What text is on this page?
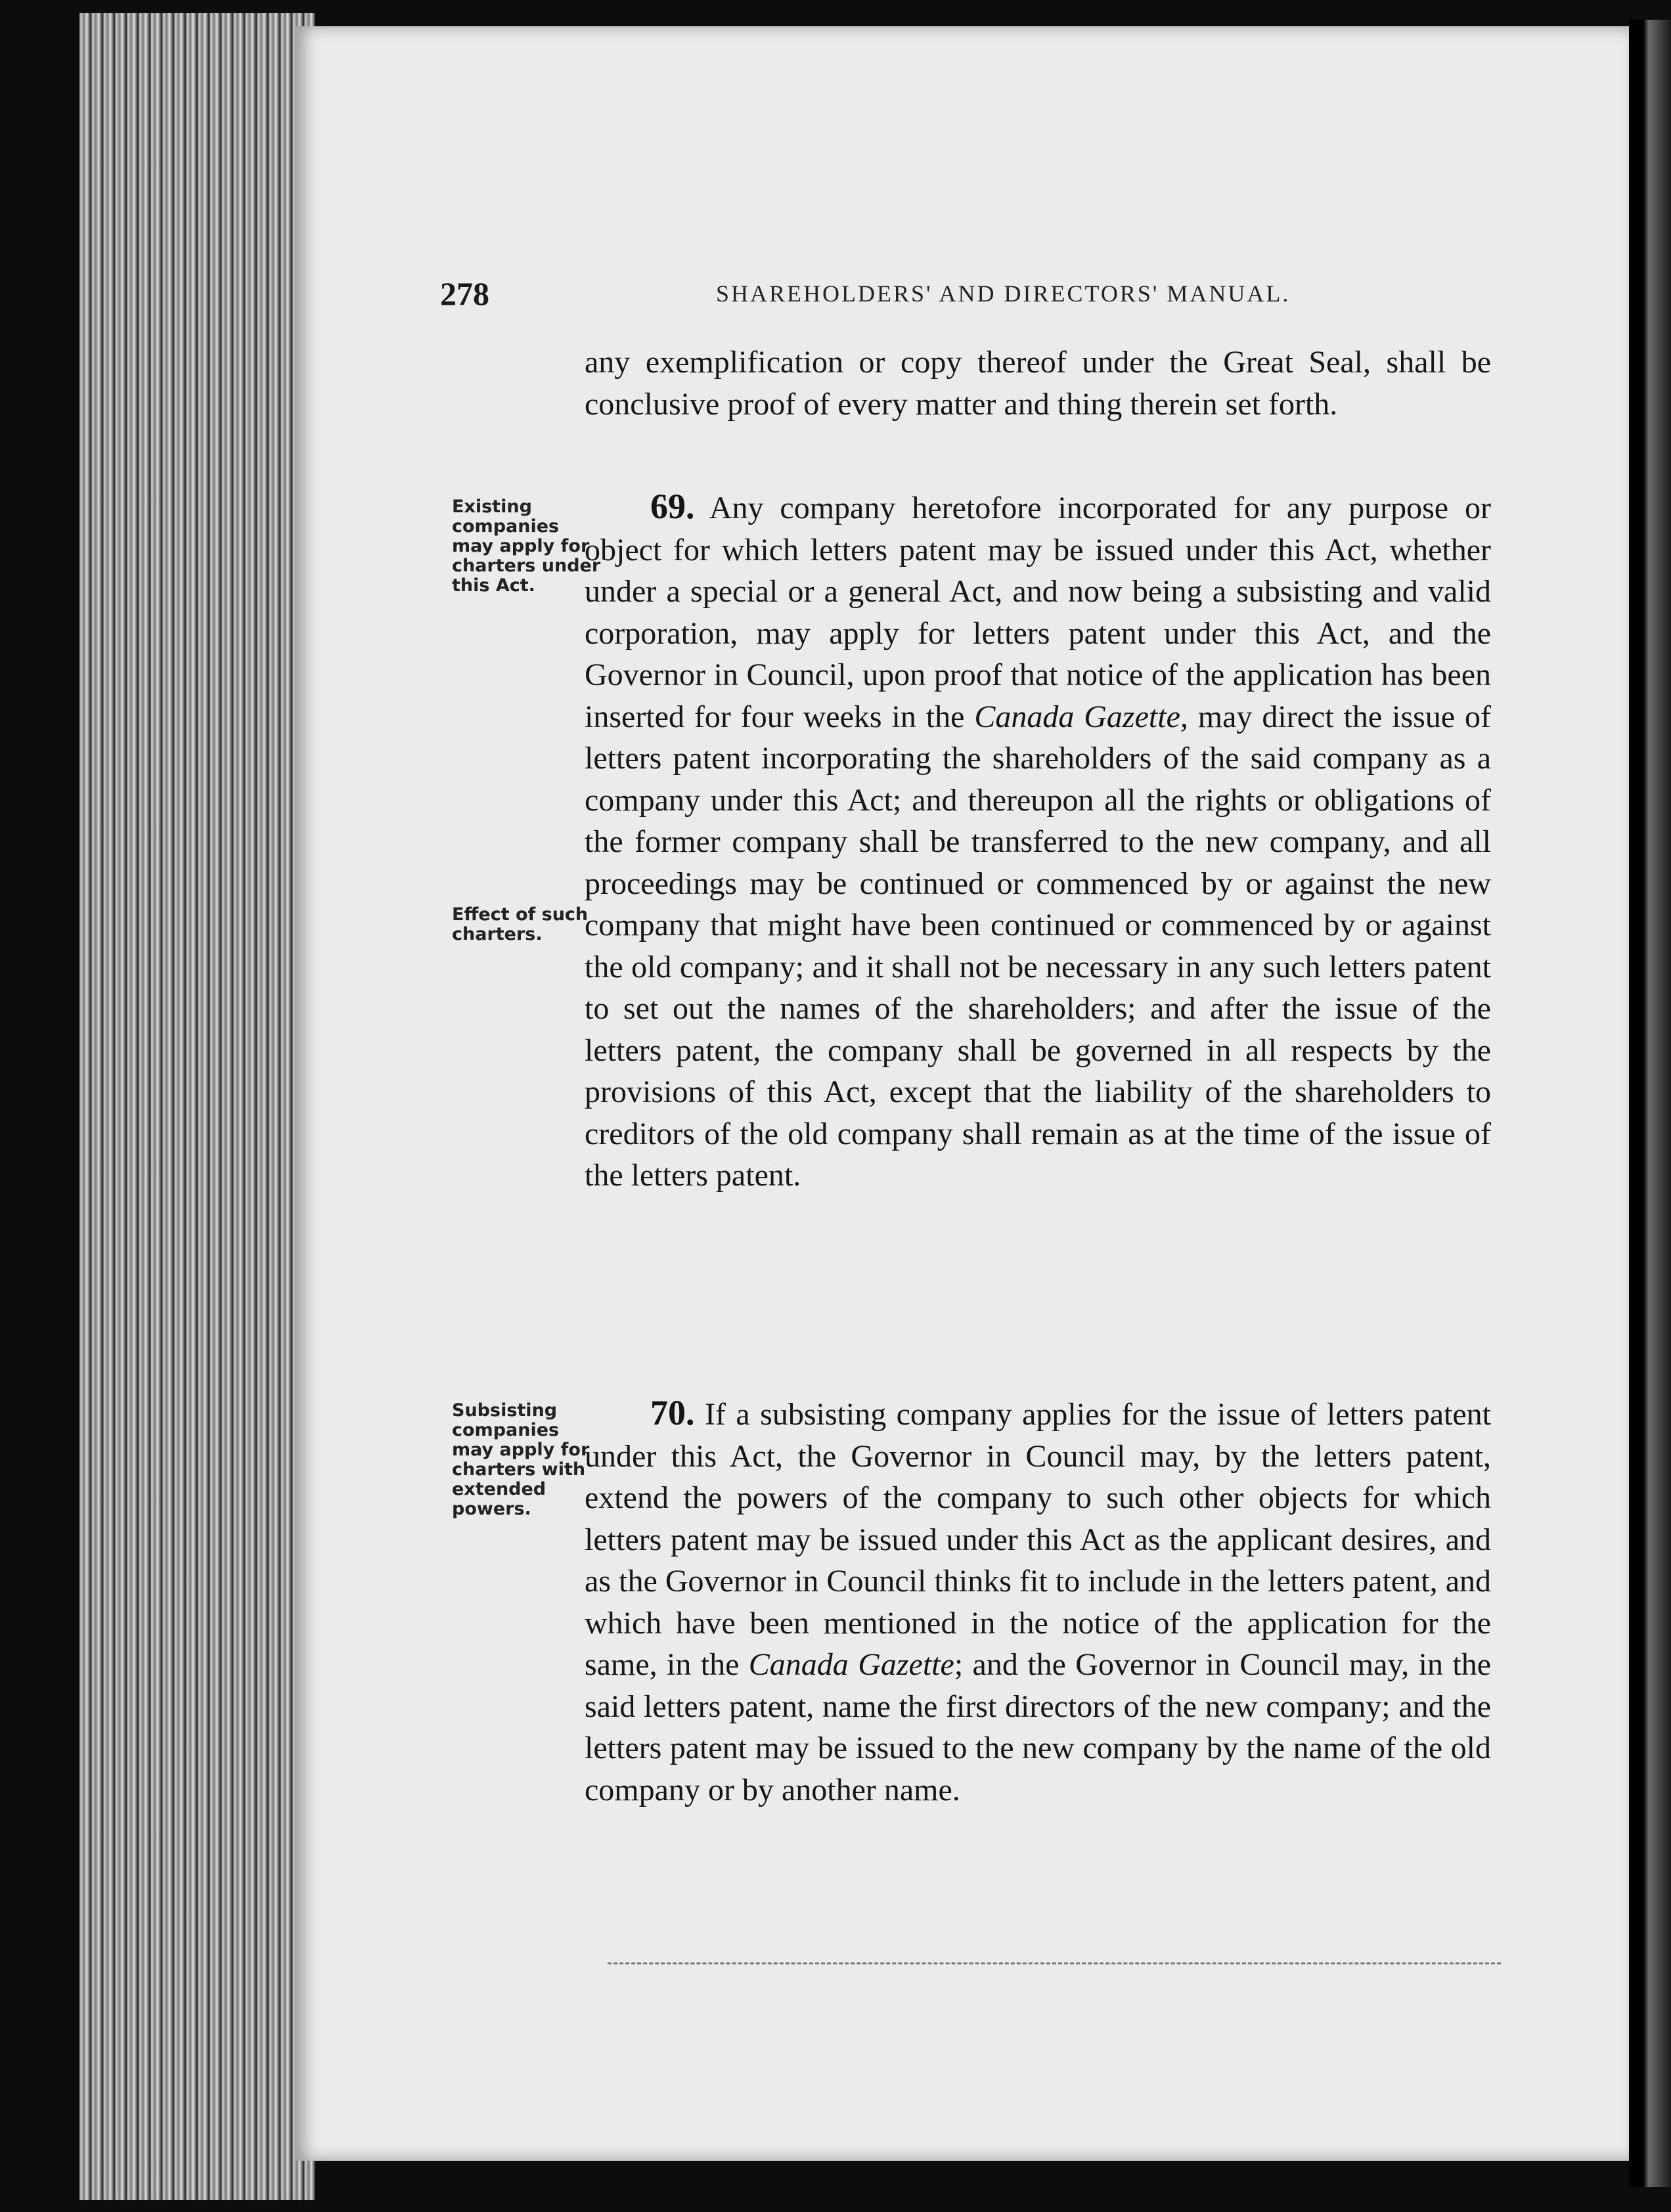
278	SHAREHOLDERS' AND DIRECTORS' MANUAL.

any exemplification or copy thereof under the Great Seal, shall be conclusive proof of every matter and thing therein set forth.

Existing companies may apply for charters under this Act.

69. Any company heretofore incorporated for any purpose or object for which letters patent may be issued under this Act, whether under a special or a general Act, and now being a subsisting and valid corporation, may apply for letters patent under this Act, and the Governor in Council, upon proof that notice of the application has been inserted for four weeks in the Canada Gazette, may direct the issue of letters patent incorporating the shareholders of the said company as a company under this Act; and thereupon all the rights or obligations of the former company shall be transferred to the new company, and all proceedings may be continued or commenced by or against the new company that might have been continued or commenced by or against the old company; and it shall not be necessary in any such letters patent to set out the names of the shareholders; and after the issue of the letters patent, the company shall be governed in all respects by the provisions of this Act, except that the liability of the shareholders to creditors of the old company shall remain as at the time of the issue of the letters patent.

Effect of such charters.
Subsisting companies may apply for charters with extended powers.

70. If a subsisting company applies for the issue of letters patent under this Act, the Governor in Council may, by the letters patent, extend the powers of the company to such other objects for which letters patent may be issued under this Act as the applicant desires, and as the Governor in Council thinks fit to include in the letters patent, and which have been mentioned in the notice of the application for the same, in the Canada Gazette; and the Governor in Council may, in the said letters patent, name the first directors of the new company; and the letters patent may be issued to the new company by the name of the old company or by another name.
